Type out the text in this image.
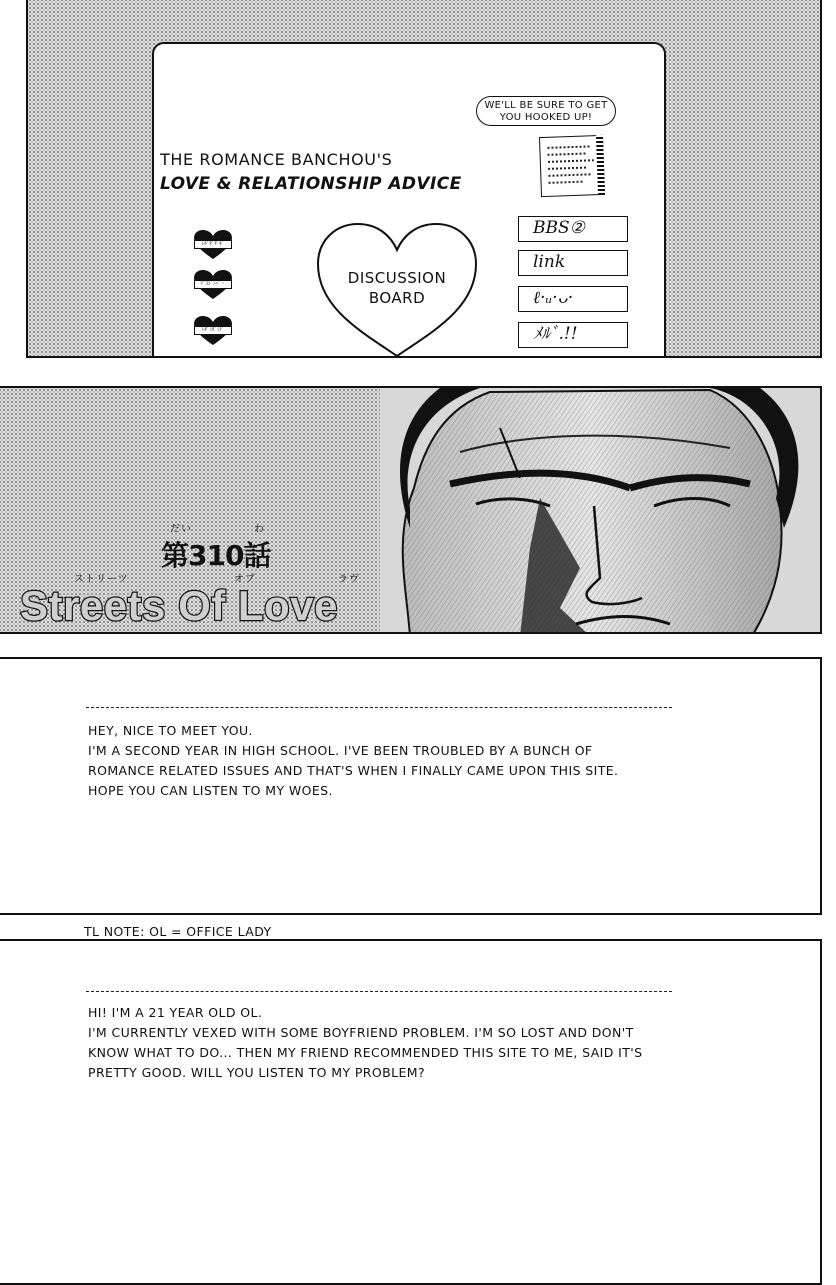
WE'LL BE SURE TO GET
YOU HOOKED UP!
THE ROMANCE BANCHOU'S
LOVE & RELATIONSHIP ADVICE
ﾚﾎﾞﾀﾞﾀﾞｷﾞ
ﾁﾞﾖｺﾞﾝﾍﾞ・
ﾚﾀﾞﾐﾀﾞﾐﾁﾞ
DISCUSSION
BOARD
BBS②
link
ℓ·ᵤ·ᴗ·
ﾒﾙﾞ.!!
だい	わ
第310話
ストリーツ	オブ	ラヴ
Streets Of Love

HEY, NICE TO MEET YOU.

I'M A SECOND YEAR IN HIGH SCHOOL. I'VE BEEN TROUBLED BY A BUNCH OF

ROMANCE RELATED ISSUES AND THAT'S WHEN I FINALLY CAME UPON THIS SITE.

HOPE YOU CAN LISTEN TO MY WOES.

TL NOTE: OL = OFFICE LADY

HI! I'M A 21 YEAR OLD OL.

I'M CURRENTLY VEXED WITH SOME BOYFRIEND PROBLEM. I'M SO LOST AND DON'T

KNOW WHAT TO DO... THEN MY FRIEND RECOMMENDED THIS SITE TO ME, SAID IT'S

PRETTY GOOD. WILL YOU LISTEN TO MY PROBLEM?
